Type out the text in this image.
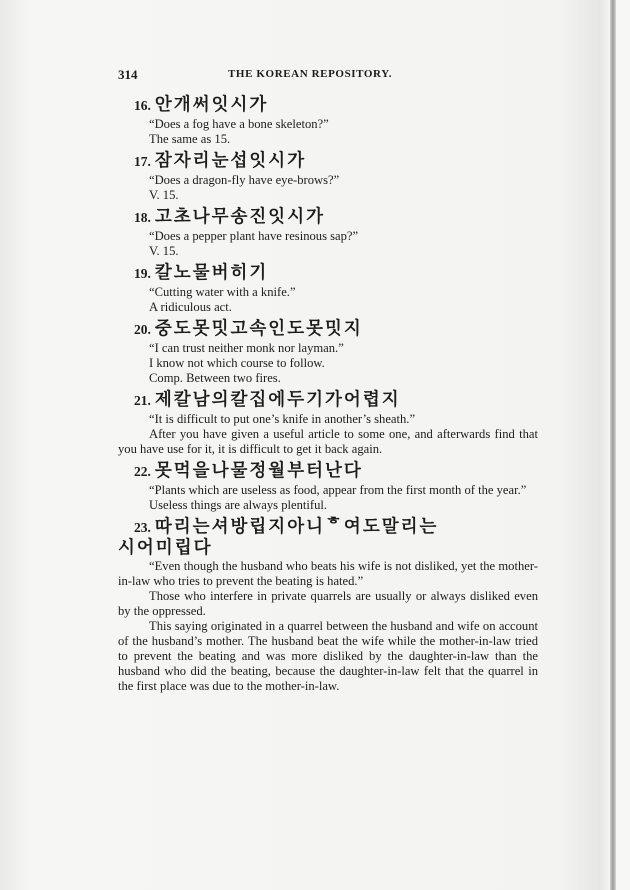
314	THE KOREAN REPOSITORY.
16. 안개써잇시가
“Does a fog have a bone skeleton?”
The same as 15.
17. 잠자리눈섭잇시가
“Does a dragon-fly have eye-brows?”
V. 15.
18. 고초나무송진잇시가
“Does a pepper plant have resinous sap?”
V. 15.
19. 칼노물버히기
“Cutting water with a knife.”
A ridiculous act.
20. 중도못밋고속인도못밋지
“I can trust neither monk nor layman.”
I know not which course to follow.
Comp. Between two fires.
21. 제칼남의칼집에두기가어렵지
“It is difficult to put one’s knife in another’s sheath.”
After you have given a useful article to some one, and afterwards find that you have use for it, it is difficult to get it back again.
22. 못먹을나물정월부터난다
“Plants which are useless as food, appear from the first month of the year.”
Useless things are always plentiful.
23. 따리는셔방립지아니ᄒ여도말리는
시어미립다
“Even though the husband who beats his wife is not disliked, yet the mother-in-law who tries to prevent the beating is hated.”
Those who interfere in private quarrels are usually or always disliked even by the oppressed.
This saying originated in a quarrel between the husband and wife on account of the husband’s mother. The husband beat the wife while the mother-in-law tried to prevent the beating and was more disliked by the daughter-in-law than the husband who did the beating, because the daughter-in-law felt that the quarrel in the first place was due to the mother-in-law.
